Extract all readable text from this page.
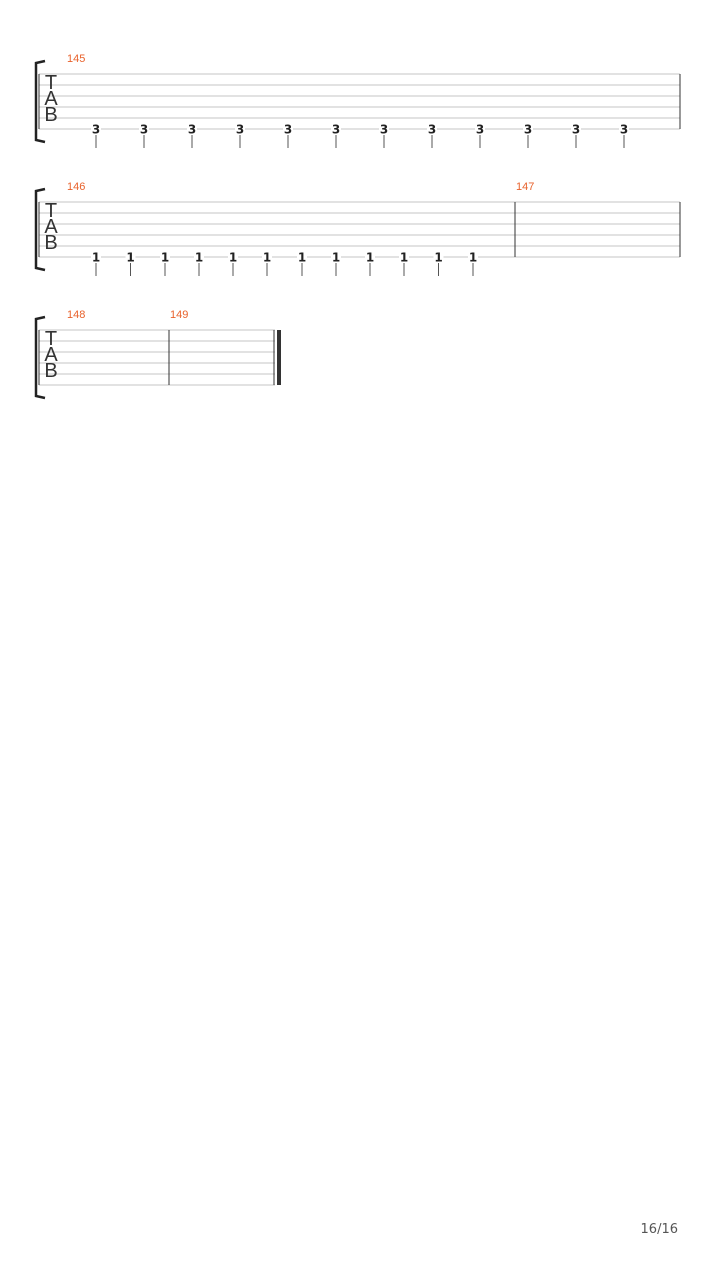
T
A
B
145
3	3	3	3	3	3	3	3	3	3	3	3
T
A
B
146
1 1 1 1 1 1 1 1 1 1 1 1
147
T
A
B
148	149
16/16
